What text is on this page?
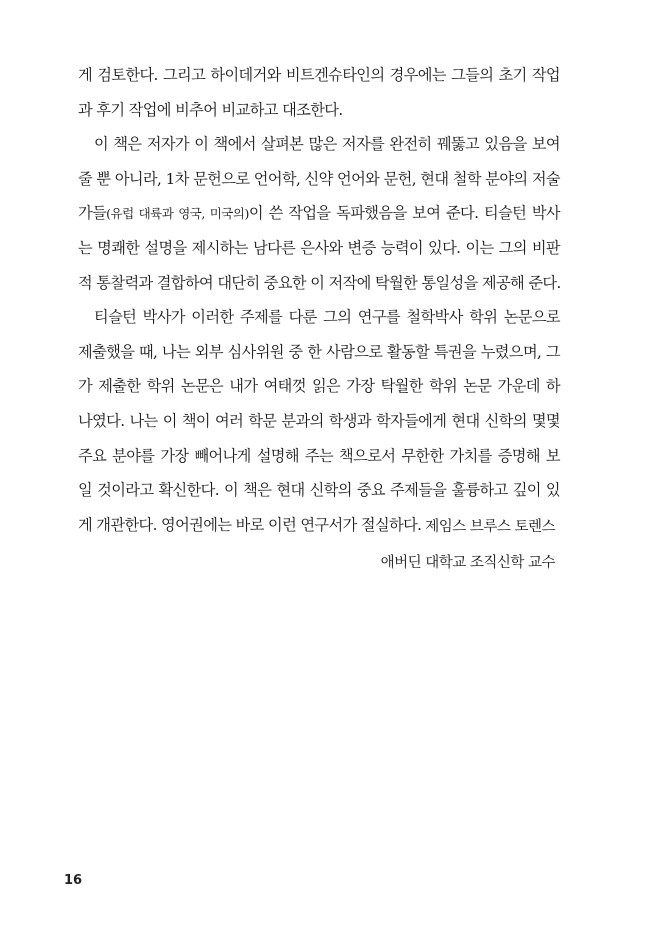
게 검토한다. 그리고 하이데거와 비트겐슈타인의 경우에는 그들의 초기 작업
과 후기 작업에 비추어 비교하고 대조한다.
이 책은 저자가 이 책에서 살펴본 많은 저자를 완전히 꿰뚫고 있음을 보여
줄 뿐 아니라, 1차 문헌으로 언어학, 신약 언어와 문헌, 현대 철학 분야의 저술
가들(유럽 대륙과 영국, 미국의)이 쓴 작업을 독파했음을 보여 준다. 티슬턴 박사
는 명쾌한 설명을 제시하는 남다른 은사와 변증 능력이 있다. 이는 그의 비판
적 통찰력과 결합하여 대단히 중요한 이 저작에 탁월한 통일성을 제공해 준다.
티슬턴 박사가 이러한 주제를 다룬 그의 연구를 철학박사 학위 논문으로
제출했을 때, 나는 외부 심사위원 중 한 사람으로 활동할 특권을 누렸으며, 그
가 제출한 학위 논문은 내가 여태껏 읽은 가장 탁월한 학위 논문 가운데 하
나였다. 나는 이 책이 여러 학문 분과의 학생과 학자들에게 현대 신학의 몇몇
주요 분야를 가장 빼어나게 설명해 주는 책으로서 무한한 가치를 증명해 보
일 것이라고 확신한다. 이 책은 현대 신학의 중요 주제들을 훌륭하고 깊이 있
게 개관한다. 영어권에는 바로 이런 연구서가 절실하다. 제임스 브루스 토렌스
애버딘 대학교 조직신학 교수
16
